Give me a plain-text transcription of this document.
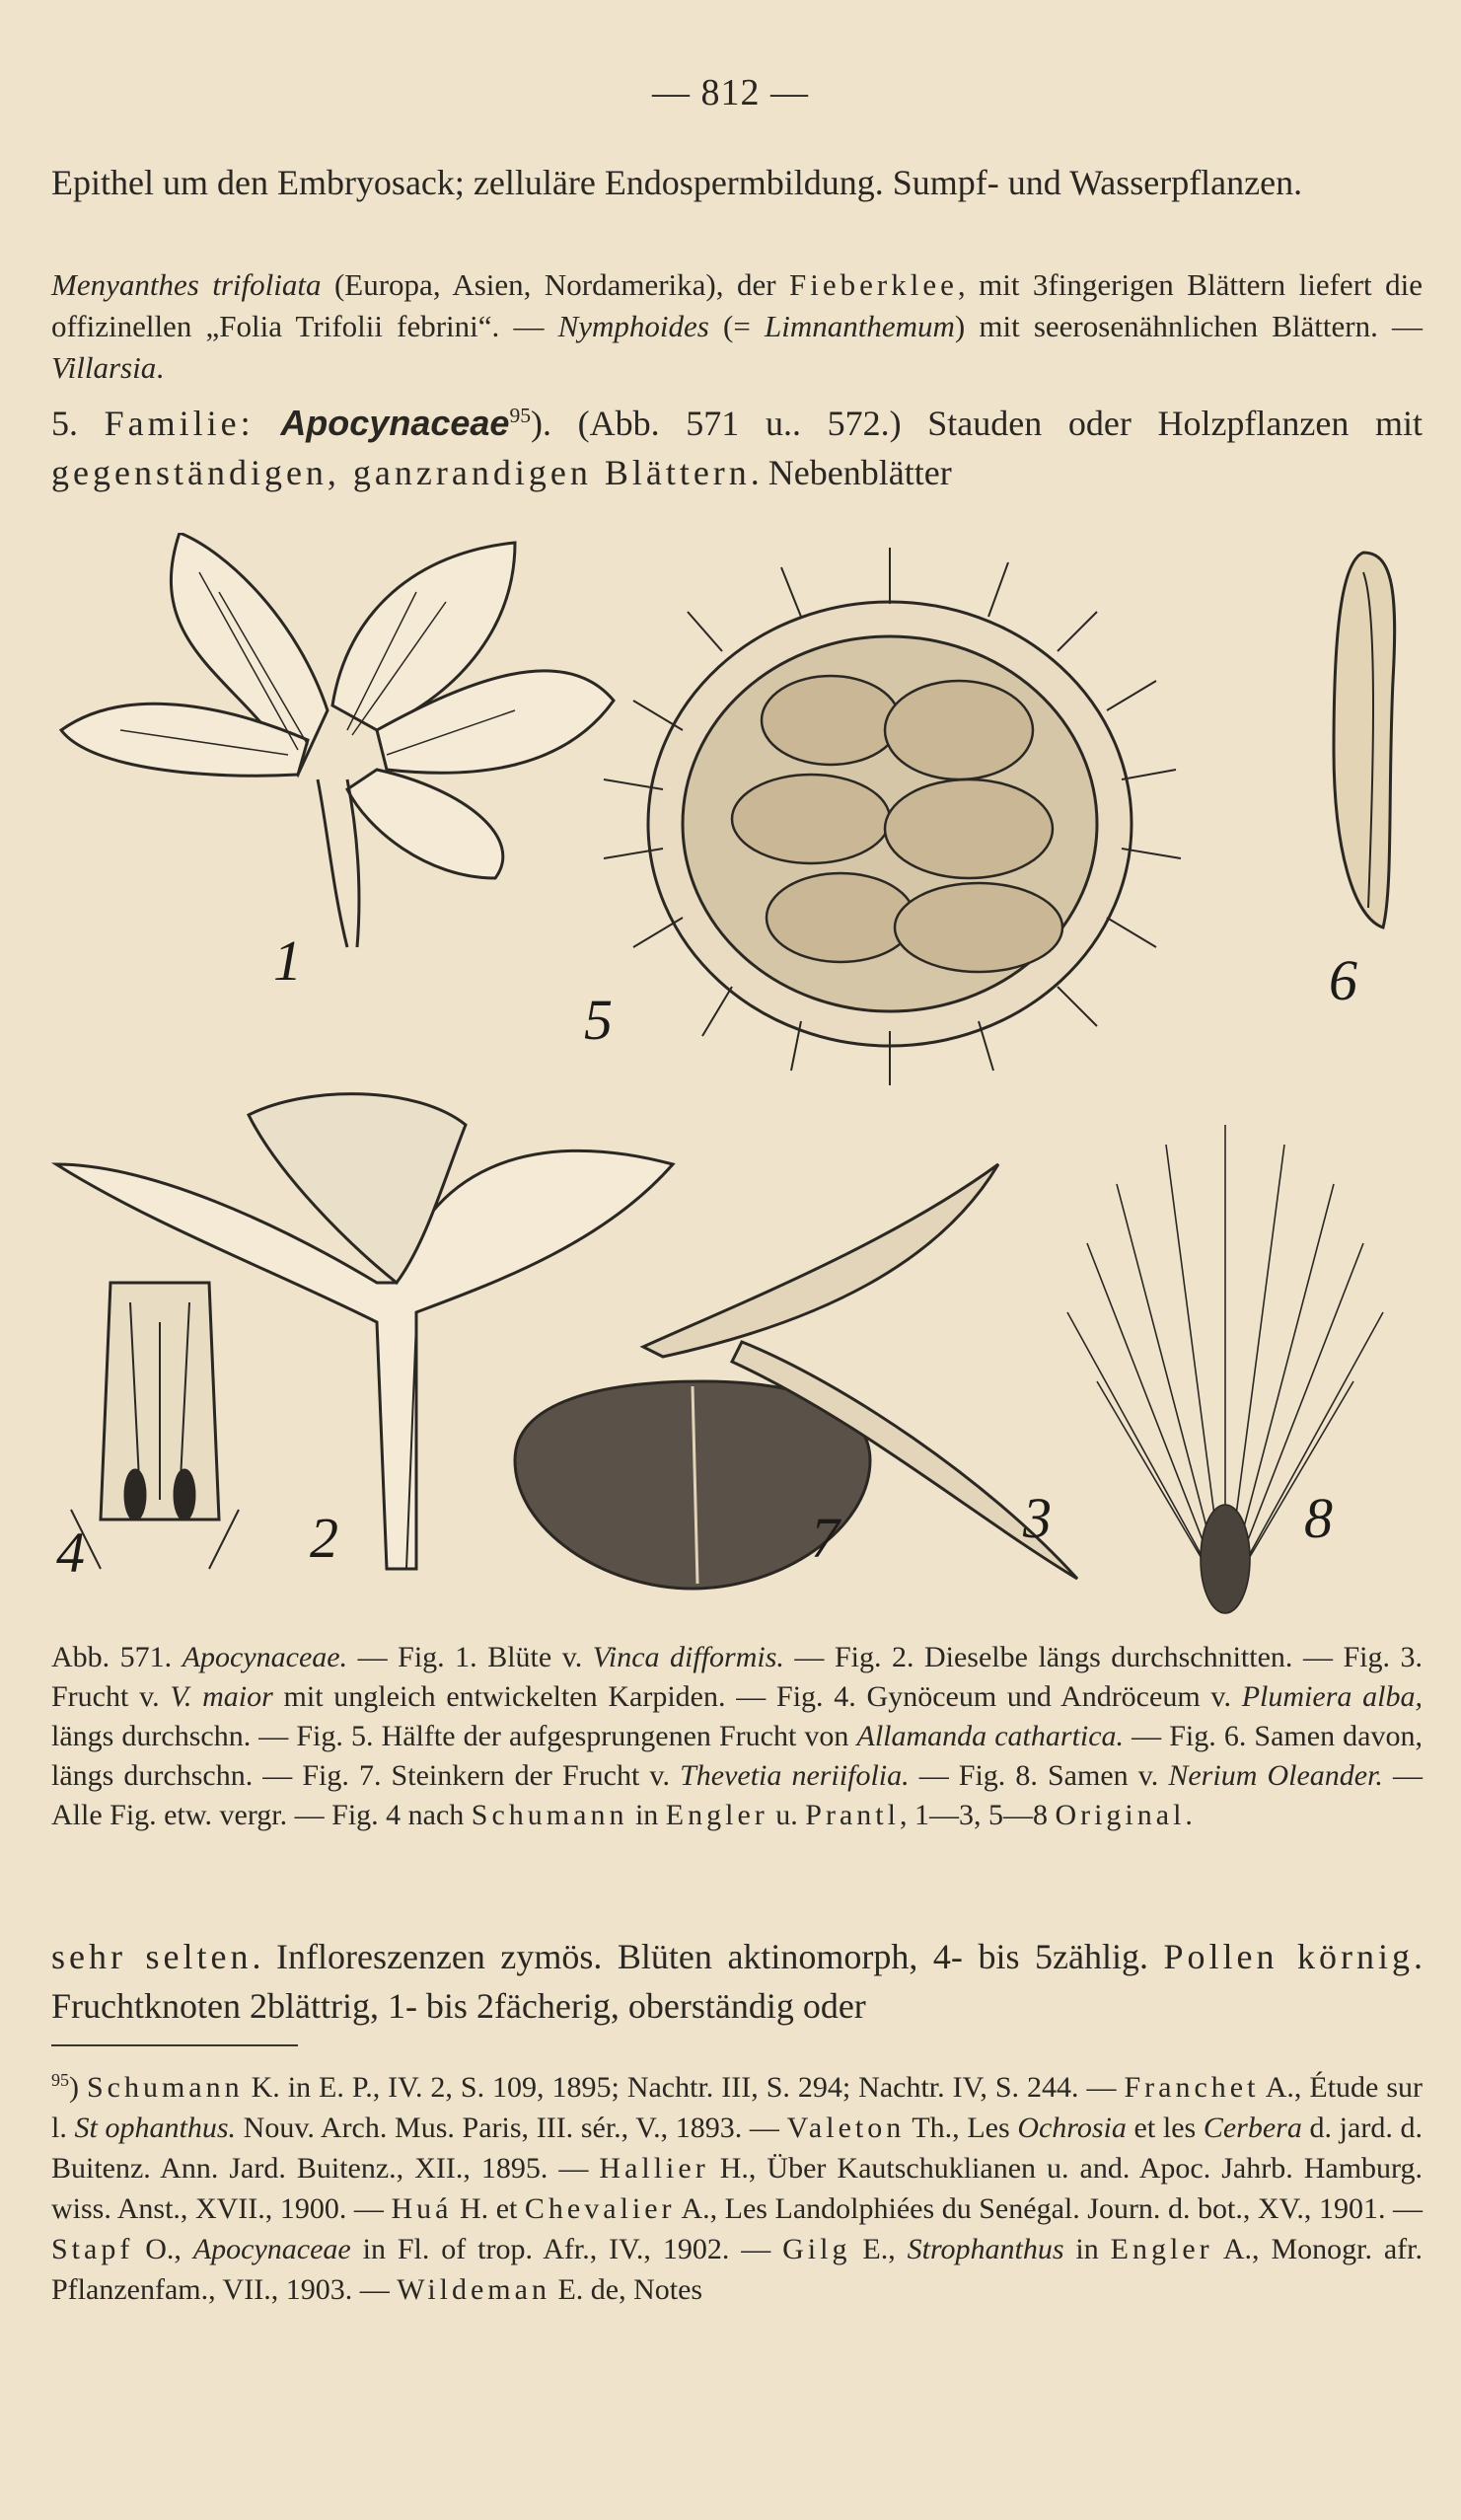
— 812 —
Epithel um den Embryosack; zelluläre Endospermbildung. Sumpf- und Wasserpflanzen.
Menyanthes trifoliata (Europa, Asien, Nordamerika), der Fieberklee, mit 3fingerigen Blättern liefert die offizinellen „Folia Trifolii febrini“. — Nymphoides (= Limnanthemum) mit seerosenähnlichen Blättern. — Villarsia.
5. Familie: Apocynaceae$^{95}$). (Abb. 571 u.. 572.) Stauden oder Holzpflanzen mit gegenständigen, ganzrandigen Blättern. Nebenblätter
1
5
6
2
4	7	3	8
Abb. 571. Apocynaceae. — Fig. 1. Blüte v. Vinca difformis. — Fig. 2. Dieselbe längs durchschnitten. — Fig. 3. Frucht v. V. maior mit ungleich entwickelten Karpiden. — Fig. 4. Gynöceum und Andröceum v. Plumiera alba, längs durchschn. — Fig. 5. Hälfte der aufgesprungenen Frucht von Allamanda cathartica. — Fig. 6. Samen davon, längs durchschn. — Fig. 7. Steinkern der Frucht v. Thevetia neriifolia. — Fig. 8. Samen v. Nerium Oleander. — Alle Fig. etw. vergr. — Fig. 4 nach Schumann in Engler u. Prantl, 1—3, 5—8 Original.
sehr selten. Infloreszenzen zymös. Blüten aktinomorph, 4- bis 5zählig. Pollen körnig. Fruchtknoten 2blättrig, 1- bis 2fächerig, oberständig oder
$^{95}$) Schumann K. in E. P., IV. 2, S. 109, 1895; Nachtr. III, S. 294; Nachtr. IV, S. 244. — Franchet A., Étude sur l. St ophanthus. Nouv. Arch. Mus. Paris, III. sér., V., 1893. — Valeton Th., Les Ochrosia et les Cerbera d. jard. d. Buitenz. Ann. Jard. Buitenz., XII., 1895. — Hallier H., Über Kautschuklianen u. and. Apoc. Jahrb. Hamburg. wiss. Anst., XVII., 1900. — Huá H. et Chevalier A., Les Landolphiées du Senégal. Journ. d. bot., XV., 1901. — Stapf O., Apocynaceae in Fl. of trop. Afr., IV., 1902. — Gilg E., Strophanthus in Engler A., Monogr. afr. Pflanzenfam., VII., 1903. — Wildeman E. de, Notes
